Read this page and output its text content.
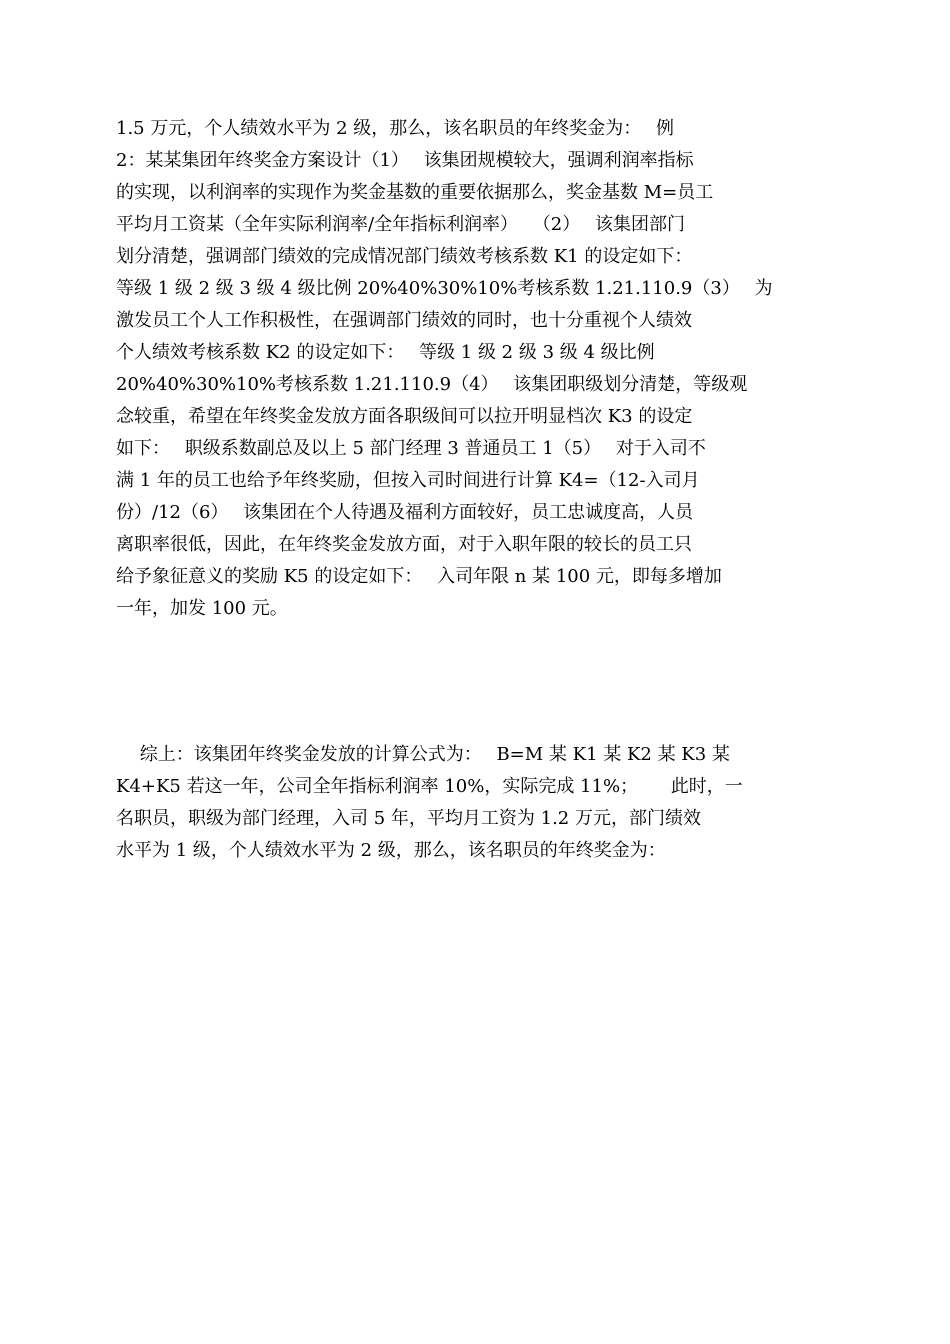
1.5 万元，个人绩效水平为 2 级，那么，该名职员的年终奖金为：　 例
2：某某集团年终奖金方案设计（1）　 该集团规模较大，强调利润率指标
的实现，以利润率的实现作为奖金基数的重要依据那么，奖金基数 M=员工
平均月工资某（全年实际利润率/全年指标利润率）　 （2）　 该集团部门
划分清楚，强调部门绩效的完成情况部门绩效考核系数 K1 的设定如下：
等级 1 级 2 级 3 级 4 级比例 20%40%30%10%考核系数 1.21.110.9（3）　 为
激发员工个人工作积极性，在强调部门绩效的同时，也十分重视个人绩效
个人绩效考核系数 K2 的设定如下：　 等级 1 级 2 级 3 级 4 级比例
20%40%30%10%考核系数 1.21.110.9（4）　 该集团职级划分清楚，等级观
念较重，希望在年终奖金发放方面各职级间可以拉开明显档次 K3 的设定
如下：　 职级系数副总及以上 5 部门经理 3 普通员工 1（5）　 对于入司不
满 1 年的员工也给予年终奖励，但按入司时间进行计算 K4=（12-入司月
份）/12（6）　 该集团在个人待遇及福利方面较好，员工忠诚度高，人员
离职率很低，因此，在年终奖金发放方面，对于入职年限的较长的员工只
给予象征意义的奖励 K5 的设定如下：　 入司年限 n 某 100 元，即每多增加
一年，加发 100 元。
　 综上：该集团年终奖金发放的计算公式为：　 B=M 某 K1 某 K2 某 K3 某
K4+K5 若这一年，公司全年指标利润率 10%，实际完成 11%；　　 此时，一
名职员，职级为部门经理，入司 5 年，平均月工资为 1.2 万元，部门绩效
水平为 1 级，个人绩效水平为 2 级，那么，该名职员的年终奖金为：
